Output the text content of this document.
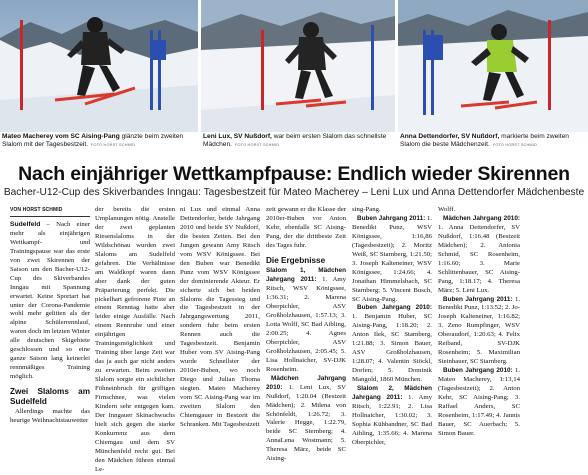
Mateo Macherey vom SC Aising-Pang glänzte beim zweiten Slalom mit der Tagesbestzeit. FOTO HORST SCHMID
Leni Lux, SV Nußdorf, war beim ersten Slalom das schnellste Mädchen. FOTO HORST SCHMID
Anna Dettendorfer, SV Nußdorf, markierte beim zweiten Slalom die beste Mädchenzeit. FOTO HORST SCHMID
Nach einjähriger Wettkampfpause: Endlich wieder Skirennen
Bacher-U12-Cup des Skiverbandes Inngau: Tagesbestzeit für Mateo Macherey – Leni Lux und Anna Dettendorfer Mädchenbeste
VON HORST SCHMID

Sudelfeld – Nach einer mehr als einjährigen Wettkampf- und Trainingspause war das erste von zwei Skirennen der Saison um den Bacher-U12-Cup des Skiverbandes Inngau mit Spannung erwartet. Keine Sportart hat unter der Corona-Pandemie wohl mehr gelitten als der alpine Schülerrennlauf, waren doch im letzten Winter alle deutschen Skigebiete geschlossen und so eine ganze Saison lang keinerlei rennmäßiges Training möglich.

Zwei Slaloms am Sudelfeld

Allerdings machte das heurige Weihnachtstauwetter

der bereits die ersten Umplanungen nötig. Anstelle der zwei geplanten Riesenslaloms in der Wildschönau wurden zwei Slaloms am Sudelfeld gefahren. Die Verhältnisse am Waldkopf waren dann aber dank der guten Präparierung perfekt. Die pickelhart gefrorene Piste an einem Renntag hatte aber leider einige Ausfälle. Nach einem Rennruhe und einer einjährigen Trainingsmöglichkeit und Training über lange Zeit war das ja auch gar nicht anders zu erwarten. Beim zweiten Slalom sorgte ein sichtlicher Föhneinbruch für griffigen Firnschnee, was vielen Kindern sehr entgegen kam. Der Inngauer Skinachwuchs hielt sich gegen die starke Konkurrenz aus dem Chiemgau und dem SV Münchenfeld recht gut. Bei den Mädchen führen einmal Le-

ni Lux und einmal Anna Dettendorfer, beide Jahrgang 2010 und beide SV Nußdorf, die besten Zeiten. Bei den Jungen gewann Amy Ritsch vom WSV Königssee. Bei den Buben war Benedikt Punz vom WSV Königssee der dominierende Akteur. Er sicherte sich bei beiden Slaloms die Tagessieg und die Tagesbestzeit in der Jahrgangswertung 2011, sondern fuhr beim ersten Rennen auch die Tagesbestzeit. Benjamin Huber vom SV Aising-Pang wurde Schnellster der 2010er-Buben, wo noch Diego und Julian Thoma siegten. Mateo Macherey vom SC Aising-Pang war im zweiten Slalom den Chiemgauer in Bestzeit die Schranken. Mit Tagesbestzeit

zeit gewann er die Klasse der 2010er-Buben vor Anton Kehr, ebenfalls SC Aising-Pang, der die drittbeste Zeit des Tages fuhr.

Die Ergebnisse

Slalom 1, Mädchen Jahrgang 2011: 1. Amy Ritsch, WSV Königssee, 1:36.31; 2. Marena Oberpichler, ASV Großholzhausen, 1:57.13; 3. Lotta Wolff, SC Bad Aibling, 2:00.25; 4. Agnes Oberpichler, ASV Großholzhausen, 2:05.45; 5. Lisa Hollnaicher, SV-DJK Rosenheim.

Mädchen Jahrgang 2010: 1. Leni Lux, SV Nußdorf, 1:20.04 (Bestzeit Mädchen); 2. Milena von Schönfeldt, 1:26.72; 3. Valerie Hegge, 1:22.79, beide SC Sternberg; 4. AnnaLena Wostmann; 5. Theresa März, beide SC Aising-

sing-Pang.

Buben Jahrgang 2011: 1. Benedikt Punz, WSV Königssee, 1:16,86 (Tagesbestzeit); 2. Moritz Weiß, SC Starnberg, 1:21.50; 3. Joseph Kalteneiner, WSV Königssee, 1:24.66; 4. Jonathan Himmelsbach, SC Starnberg; 5. Vincent Busch, SC Aising-Pang.

Buben Jahrgang 2010: 1. Benjamin Huber, SC Aising-Pang, 1:18.20; 2. Anton Ilek, SC Starnberg, 1:21.88; 3. Simon Bauer, ASV Großholzhausen, 1:28.07; 4. Valentin Stöckl, Dorfen; 5. Dominik Mangold, 1860 München.

Slalom 2, Mädchen Jahrgang 2011: 1. Amy Ritsch, 1:22.91; 2. Lisa Hollnaicher, 1:30.02; 3. Sophia Kühbandner, SC Bad Aibling, 1:35.66; 4. Marena Oberpichler,

Wolff.

Mädchen Jahrgang 2010: 1. Anna Dettendorfer, SV Nußdorf, 1:16.48 (Bestzeit Mädchen); 2. Antonia Schmid, SC Rosenheim, 1:16.60; 3. Marie Schlittenbauer, SC Aising-Pang, 1:18.17; 4. Theresa März; 5. Leni Lux.

Buben Jahrgang 2011: 1. Benedikt Punz, 1:13.52; 2. Jo-Joseph Kalteneiner, 1:16.82; 3. Zeno Rumpfinger, WSV Oberaudorf, 1:20.63; 4. Felix Reiband, SV-DJK Rosenheim; 5. Maximilian Steinhauer, SC Starnberg.

Buben Jahrgang 2010: 1. Mateo Macherey, 1:13,14 (Tagesbestzeit); 2. Anton Kehr, SC Aising-Pang; 3. Raffael Anders, SC Rosenheim, 1:17.49; 4. Jannis Bauer, SC Auerbach; 5. Simon Bauer.
